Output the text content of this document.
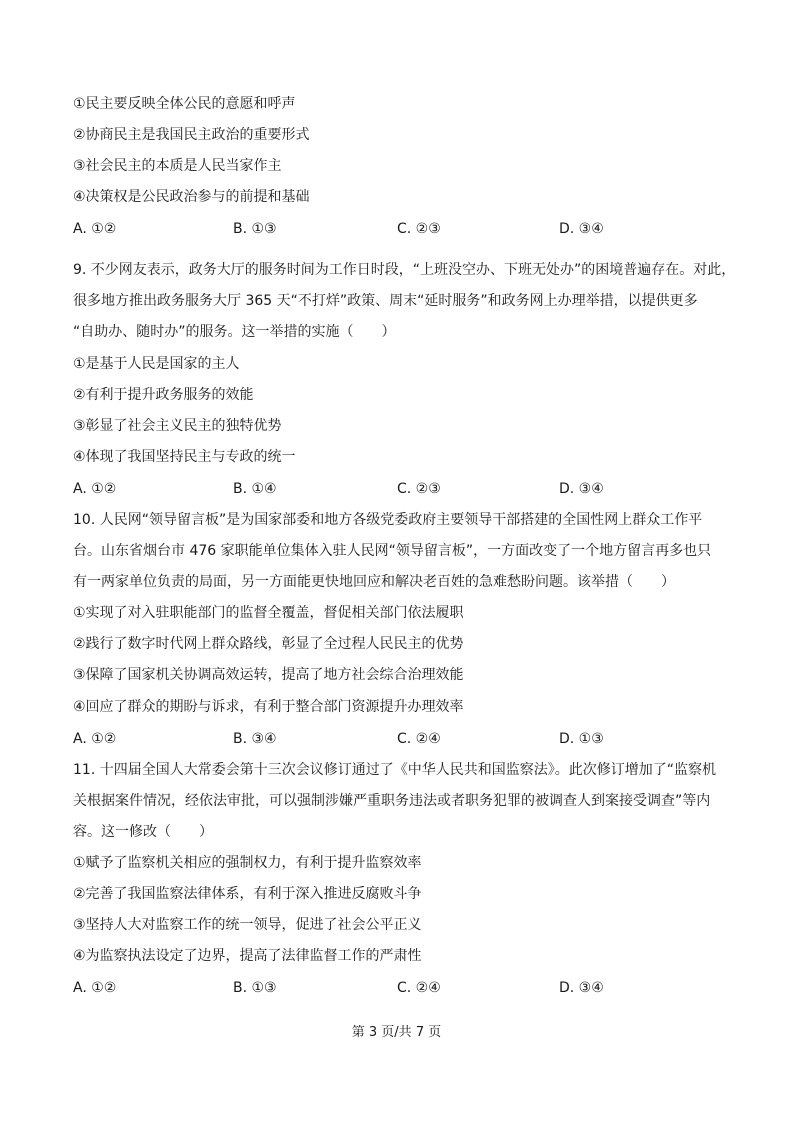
①民主要反映全体公民的意愿和呼声
②协商民主是我国民主政治的重要形式
③社会民主的本质是人民当家作主
④决策权是公民政治参与的前提和基础
A. ①②	B. ①③	C. ②③	D. ③④
9. 不少网友表示，政务大厅的服务时间为工作日时段，“上班没空办、下班无处办”的困境普遍存在。对此，
很多地方推出政务服务大厅 365 天“不打烊”政策、周末“延时服务”和政务网上办理举措，以提供更多
“自助办、随时办”的服务。这一举措的实施（　　）
①是基于人民是国家的主人
②有利于提升政务服务的效能
③彰显了社会主义民主的独特优势
④体现了我国坚持民主与专政的统一
A. ①②	B. ①④	C. ②③	D. ③④
10. 人民网“领导留言板”是为国家部委和地方各级党委政府主要领导干部搭建的全国性网上群众工作平
台。山东省烟台市 476 家职能单位集体入驻人民网“领导留言板”，一方面改变了一个地方留言再多也只
有一两家单位负责的局面，另一方面能更快地回应和解决老百姓的急难愁盼问题。该举措（　　）
①实现了对入驻职能部门的监督全覆盖，督促相关部门依法履职
②践行了数字时代网上群众路线，彰显了全过程人民民主的优势
③保障了国家机关协调高效运转，提高了地方社会综合治理效能
④回应了群众的期盼与诉求，有利于整合部门资源提升办理效率
A. ①②	B. ③④	C. ②④	D. ①③
11. 十四届全国人大常委会第十三次会议修订通过了《中华人民共和国监察法》。此次修订增加了“监察机
关根据案件情况，经依法审批，可以强制涉嫌严重职务违法或者职务犯罪的被调查人到案接受调查”等内
容。这一修改（　　）
①赋予了监察机关相应的强制权力，有利于提升监察效率
②完善了我国监察法律体系，有利于深入推进反腐败斗争
③坚持人大对监察工作的统一领导，促进了社会公平正义
④为监察执法设定了边界，提高了法律监督工作的严肃性
A. ①②	B. ①③	C. ②④	D. ③④
第 3 页/共 7 页
